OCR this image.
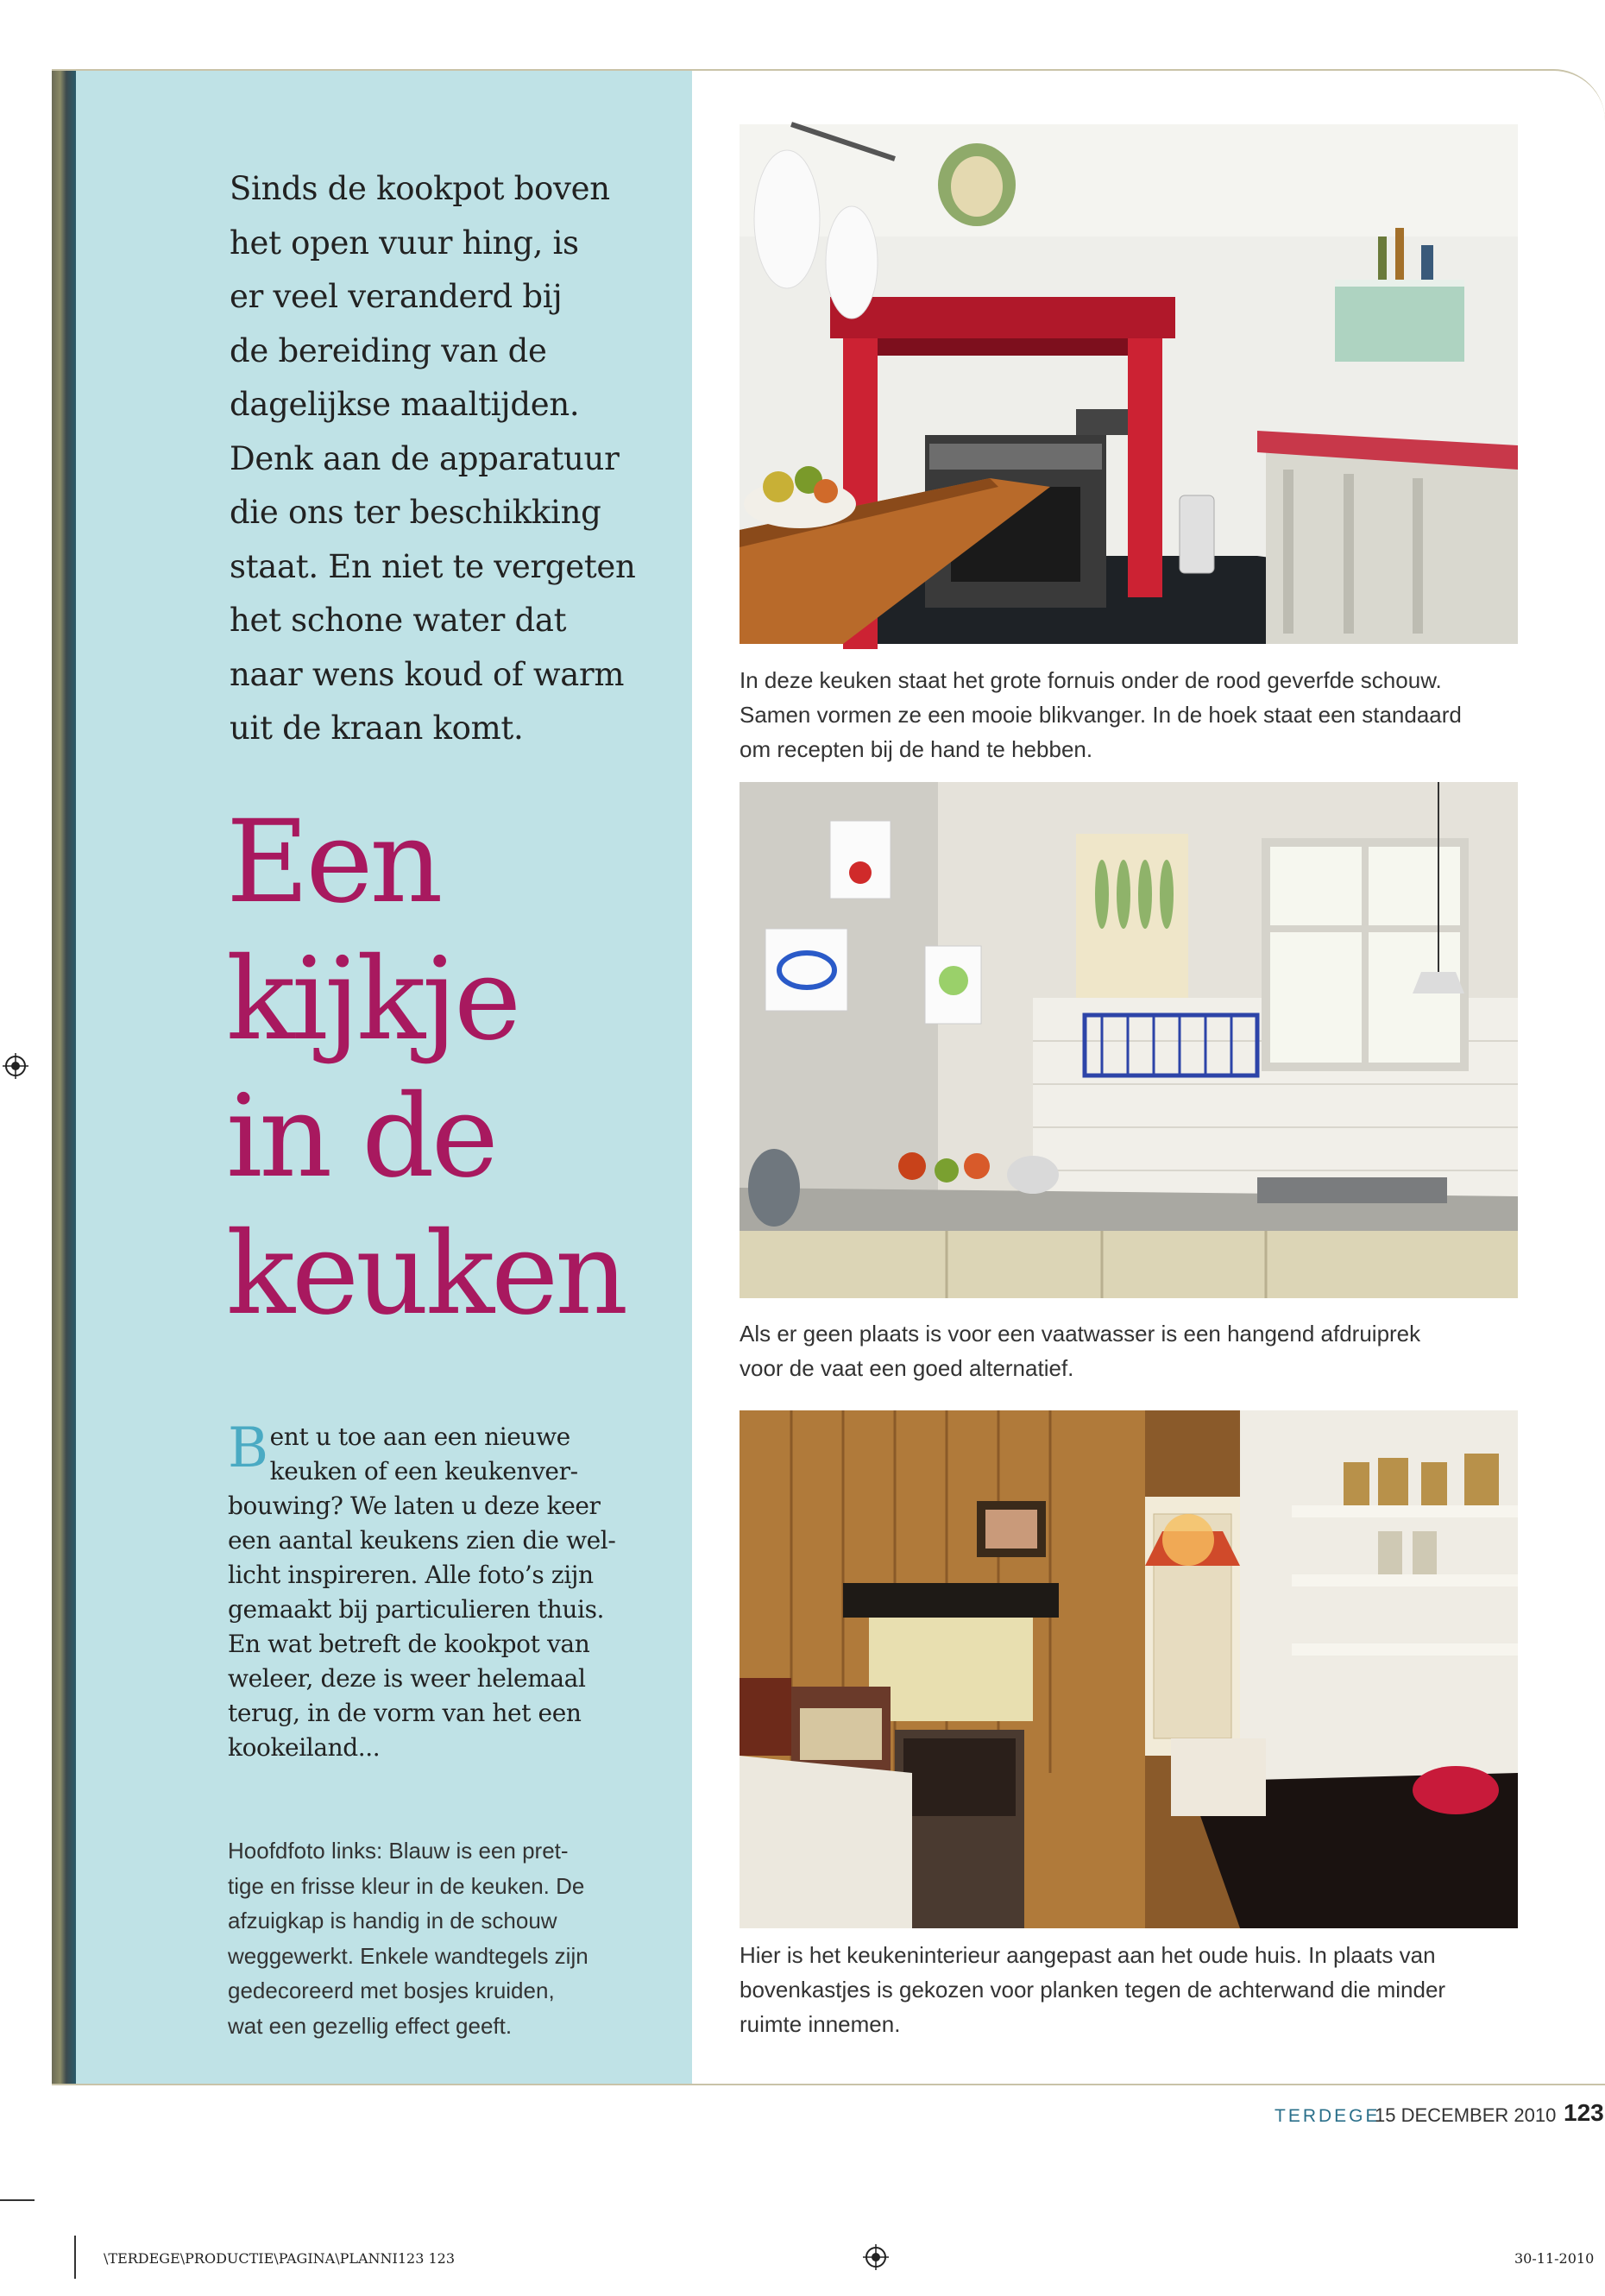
Sinds de kookpot boven
het open vuur hing, is
er veel veranderd bij
de bereiding van de
dagelijkse maaltijden.
Denk aan de apparatuur
die ons ter beschikking
staat. En niet te vergeten
het schone water dat
naar wens koud of warm
uit de kraan komt.
Een
kijkje
in de
keuken
B ent u toe aan een nieuwe
keuken of een keukenver-
bouwing? We laten u deze keer
een aantal keukens zien die wel-
licht inspireren. Alle foto’s zijn
gemaakt bij particulieren thuis.
En wat betreft de kookpot van
weleer, deze is weer helemaal
terug, in de vorm van het een
kookeiland...
Hoofdfoto links: Blauw is een pret-
tige en frisse kleur in de keuken. De
afzuigkap is handig in de schouw
weggewerkt. Enkele wandtegels zijn
gedecoreerd met bosjes kruiden,
wat een gezellig effect geeft.
In deze keuken staat het grote fornuis onder de rood geverfde schouw.
Samen vormen ze een mooie blikvanger. In de hoek staat een standaard
om recepten bij de hand te hebben.
Als er geen plaats is voor een vaatwasser is een hangend afdruiprek
voor de vaat een goed alternatief.
Hier is het keukeninterieur aangepast aan het oude huis. In plaats van
bovenkastjes is gekozen voor planken tegen de achterwand die minder
ruimte innemen.
TERDEGE
15 DECEMBER 2010 123
\TERDEGE\PRODUCTIE\PAGINA\PLANNI123 123	30-11-2010
